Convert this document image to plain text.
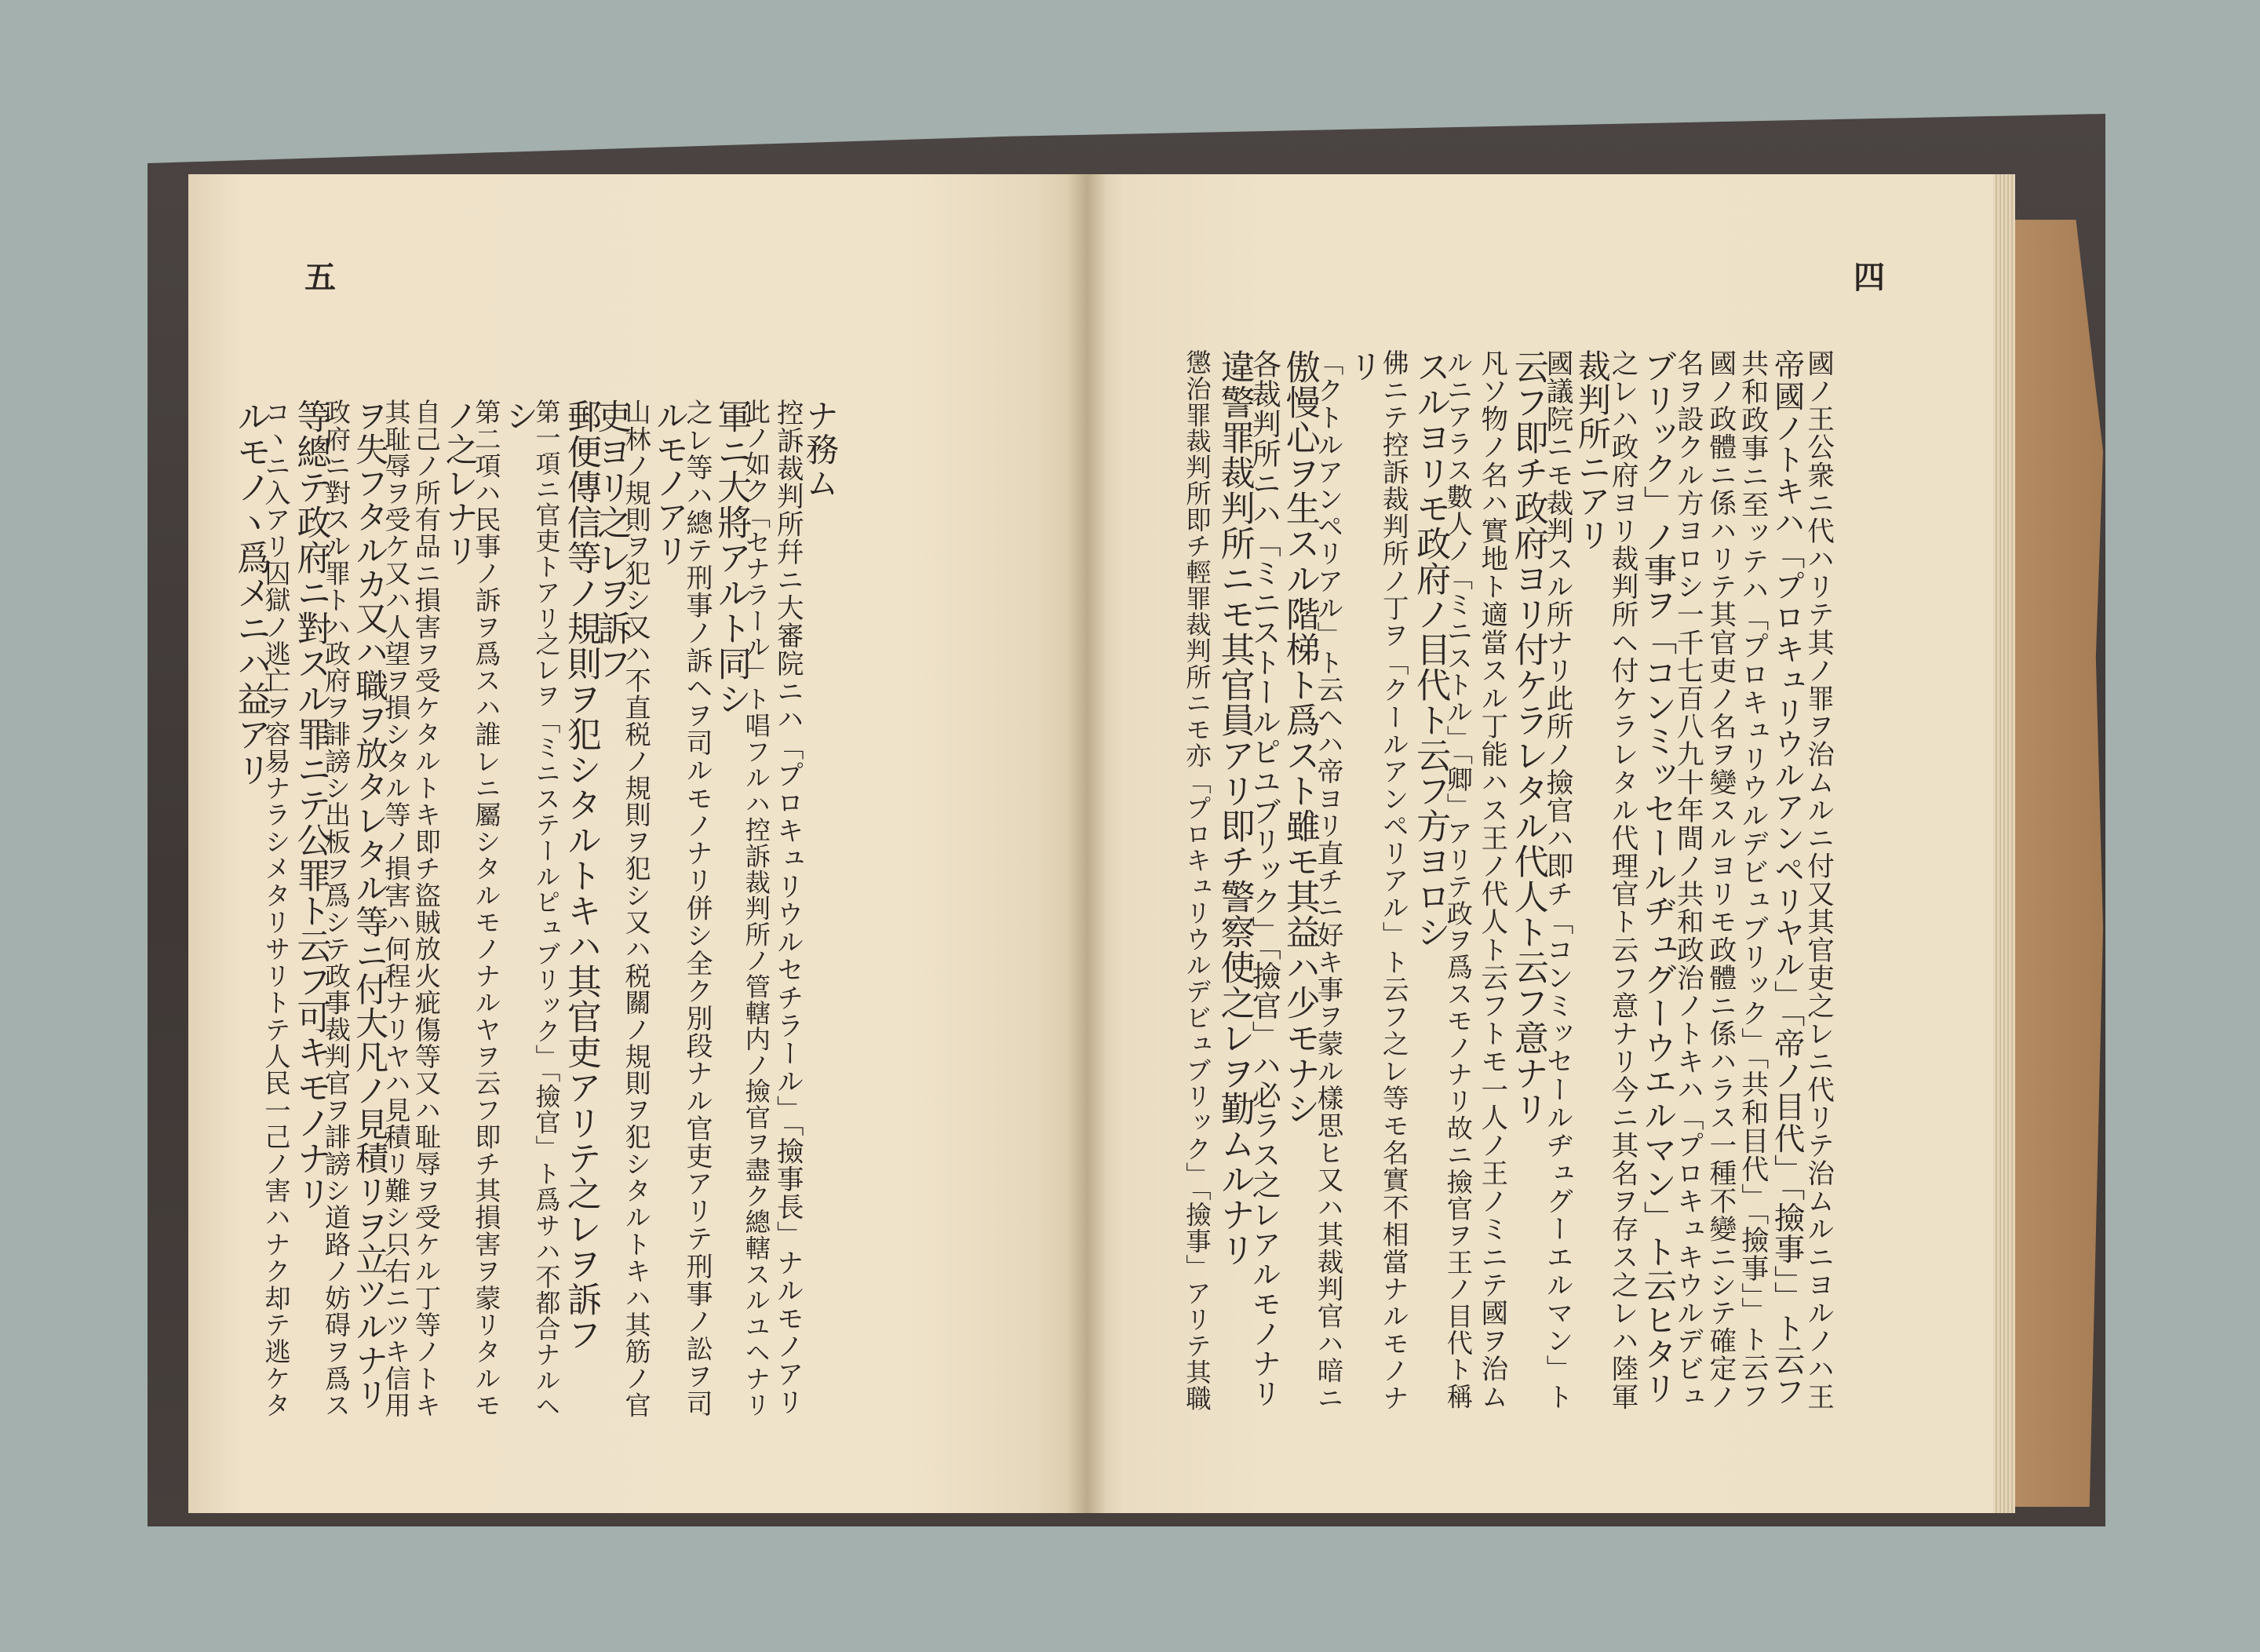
五	四
國ノ王公衆ニ代ハリテ其ノ罪ヲ治ムルニ付又其官吏之レニ代リテ治ムルニヨルノハ王
帝國ノトキハ「プロキュリウルアンペリヤル」「帝ノ目代」「撿事」」ト云フ
共和政事ニ至ッテハ「プロキュリウルデビュブリック」「共和目代」「撿事」」ト云フ
國ノ政體ニ係ハリテ其官吏ノ名ヲ變スルヨリモ政體ニ係ハラス一種不變ニシテ確定ノ
名ヲ設クル方ヨロシ一千七百八九十年間ノ共和政治ノトキハ「プロキュキウルデビュ
ブリック」ノ事ヲ「コンミッセールヂュグーウエルマン」ト云ヒタリ
之レハ政府ヨリ裁判所ヘ付ケラレタル代理官ト云フ意ナリ今ニ其名ヲ存ス之レハ陸軍
裁判所ニアリ
國議院ニモ裁判スル所ナリ此所ノ撿官ハ即チ「コンミッセールヂュグーエルマン」ト
云フ即チ政府ヨリ付ケラレタル代人ト云フ意ナリ
凡ソ物ノ名ハ實地ト適當スル丁能ハス王ノ代人ト云フトモ一人ノ王ノミニテ國ヲ治ム
ルニアラス數人ノ「ミニストル」「卿」アリテ政ヲ爲スモノナリ故ニ撿官ヲ王ノ目代ト稱
スルヨリモ政府ノ目代ト云フ方ヨロシ
佛ニテ控訴裁判所ノ丁ヲ「クールアンペリアル」ト云フ之レ等モ名實不相當ナルモノナ
リ
「クトルアンペリアル」ト云ヘハ帝ヨリ直チニ好キ事ヲ蒙ル樣思ヒ又ハ其裁判官ハ暗ニ
傲慢心ヲ生スル階梯ト爲スト雖モ其益ハ少モナシ
各裁判所ニハ「ミニストールピユブリック」「撿官」ハ必ラス之レアルモノナリ
違警罪裁判所ニモ其官員アリ即チ警察使之レヲ勤ムルナリ
懲治罪裁判所即チ輕罪裁判所ニモ亦「プロキュリウルデビュブリック」「撿事」アリテ其職
ナ務ム
控訴裁判所幷ニ大審院ニハ「プロキュリウルセチラール」「撿事長」ナルモノアリ
此ノ如ク「セナラール」ト唱フルハ控訴裁判所ノ管轄内ノ撿官ヲ盡ク總轄スルユヘナリ
軍ニ大將アルト同シ
之レ等ハ總テ刑事ノ訴ヘヲ司ルモノナリ併シ全ク別段ナル官吏アリテ刑事ノ訟ヲ司
ルモノアリ
山林ノ規則ヲ犯シ又ハ不直税ノ規則ヲ犯シ又ハ税關ノ規則ヲ犯シタルトキハ其筋ノ官
吏ヨリ之レヲ訴フ
郵便傳信等ノ規則ヲ犯シタルトキハ其官吏アリテ之レヲ訴フ
第一項ニ官吏トアリ之レヲ「ミニステールピュブリック」「撿官」ト爲サハ不都合ナルヘ
シ
第二項ハ民事ノ訴ヲ爲スハ誰レニ屬シタルモノナルヤヲ云フ即チ其損害ヲ蒙リタルモ
ノ之レナリ
自己ノ所有品ニ損害ヲ受ケタルトキ即チ盜賊放火疵傷等又ハ耻辱ヲ受ケル丁等ノトキ
其耻辱ヲ受ケ又ハ人望ヲ損シタル等ノ損害ハ何程ナリヤハ見積リ難シ只右ニツキ信用
ヲ失フタルカ又ハ職ヲ放タレタル等ニ付大凡ノ見積リヲ立ツルナリ
政府ニ對スル罪トハ政府ヲ誹謗シ出板ヲ爲シテ政事裁判官ヲ誹謗シ道路ノ妨碍ヲ爲ス
等總テ政府ニ對スル罪ニテ公罪ト云フ可キモノナリ
コヽニ入アリ囚獄ノ逃亡ヲ容易ナラシメタリサリトテ人民一己ノ害ハナク却テ逃ケタ
ルモノヽ爲メニハ益アリ
